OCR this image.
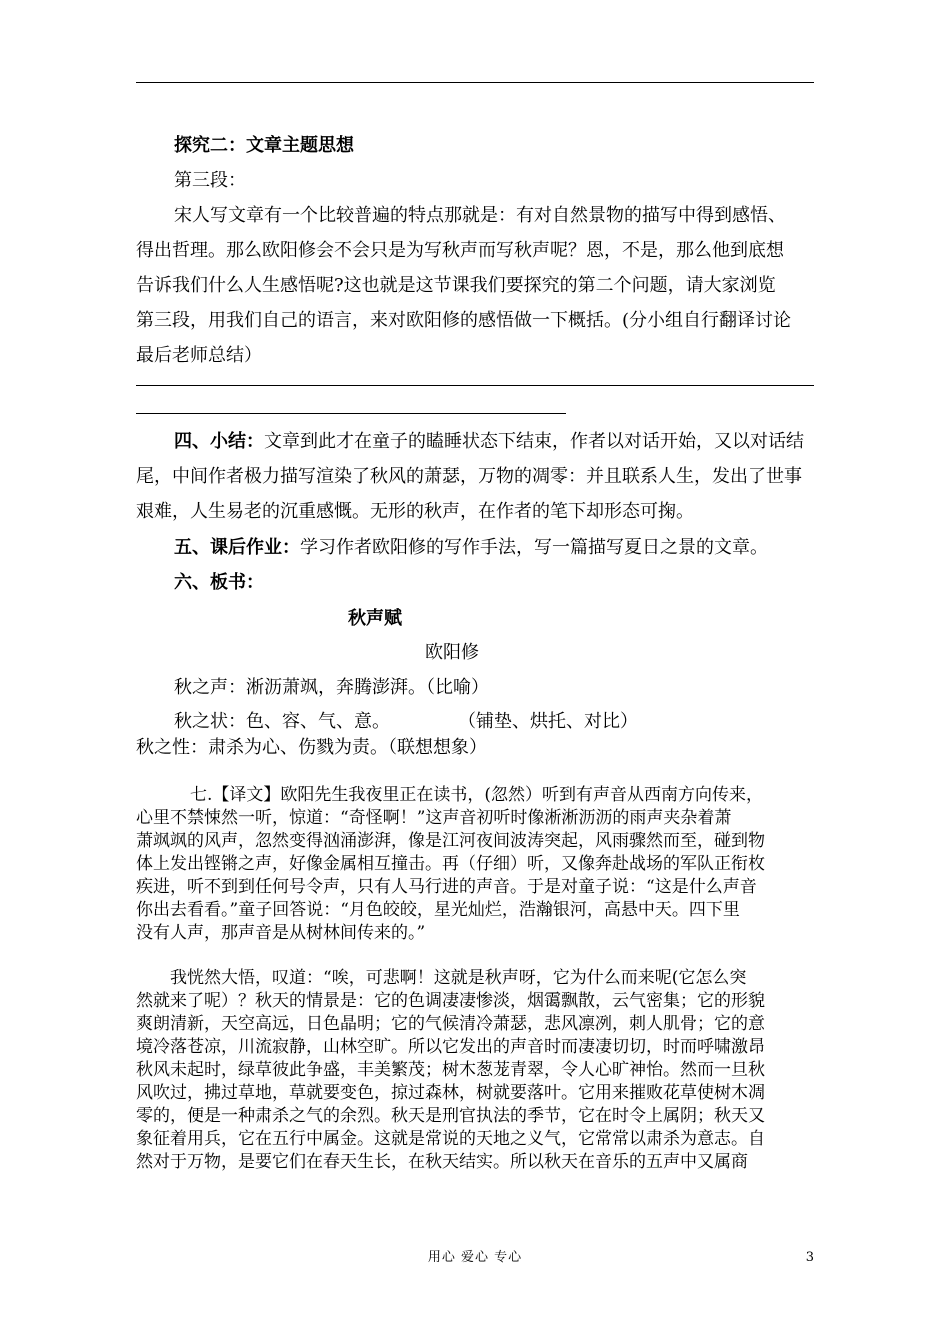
探究二：文章主题思想

第三段：

宋人写文章有一个比较普遍的特点那就是：有对自然景物的描写中得到感悟、

得出哲理。那么欧阳修会不会只是为写秋声而写秋声呢？恩，不是，那么他到底想

告诉我们什么人生感悟呢?这也就是这节课我们要探究的第二个问题，请大家浏览

第三段，用我们自己的语言，来对欧阳修的感悟做一下概括。(分小组自行翻译讨论

最后老师总结）

四、小结：文章到此才在童子的瞌睡状态下结束，作者以对话开始，又以对话结

尾，中间作者极力描写渲染了秋风的萧瑟，万物的凋零：并且联系人生，发出了世事

艰难，人生易老的沉重感慨。无形的秋声，在作者的笔下却形态可掬。

五、课后作业：学习作者欧阳修的写作手法，写一篇描写夏日之景的文章。

六、板书：

秋声赋

欧阳修

秋之声：淅沥萧飒，奔腾澎湃。（比喻）

秋之状：色、容、气、意。	（铺垫、烘托、对比）

秋之性：肃杀为心、伤戮为责。（联想想象）

七.【译文】欧阳先生我夜里正在读书，(忽然）听到有声音从西南方向传来，

心里不禁悚然一听，惊道：“奇怪啊！”这声音初听时像淅淅沥沥的雨声夹杂着萧

萧飒飒的风声，忽然变得汹涌澎湃，像是江河夜间波涛突起，风雨骤然而至，碰到物

体上发出铿锵之声，好像金属相互撞击。再（仔细）听，又像奔赴战场的军队正衔枚

疾进，听不到到任何号令声，只有人马行进的声音。于是对童子说：“这是什么声音

你出去看看。”童子回答说：“月色皎皎，星光灿烂，浩瀚银河，高悬中天。四下里

没有人声，那声音是从树林间传来的。”

我恍然大悟，叹道：“唉，可悲啊！这就是秋声呀，它为什么而来呢(它怎么突

然就来了呢）？秋天的情景是：它的色调凄凄惨淡，烟霭飘散，云气密集；它的形貌

爽朗清新，天空高远，日色晶明；它的气候清冷萧瑟，悲风凛冽，刺人肌骨；它的意

境冷落苍凉，川流寂静，山林空旷。所以它发出的声音时而凄凄切切，时而呼啸激昂

秋风未起时，绿草彼此争盛，丰美繁茂；树木葱茏青翠，令人心旷神怡。然而一旦秋

风吹过，拂过草地，草就要变色，掠过森林，树就要落叶。它用来摧败花草使树木凋

零的，便是一种肃杀之气的余烈。秋天是刑官执法的季节，它在时令上属阴；秋天又

象征着用兵，它在五行中属金。这就是常说的天地之义气，它常常以肃杀为意志。自

然对于万物，是要它们在春天生长，在秋天结实。所以秋天在音乐的五声中又属商

用心 爱心 专心	3
